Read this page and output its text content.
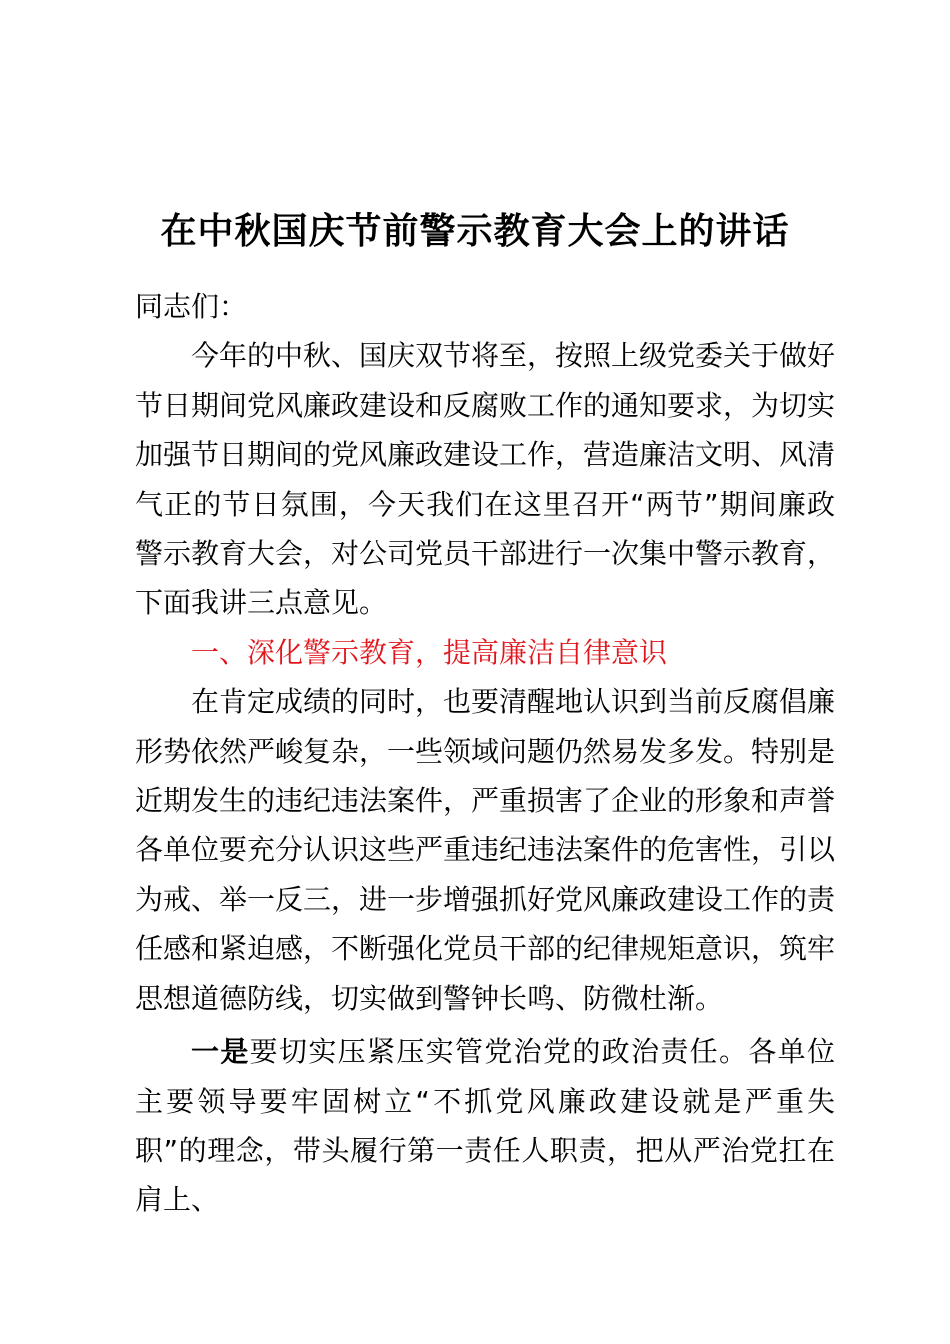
在中秋国庆节前警示教育大会上的讲话

同志们：

今年的中秋、国庆双节将至，按照上级党委关于做好节日期间党风廉政建设和反腐败工作的通知要求，为切实加强节日期间的党风廉政建设工作，营造廉洁文明、风清气正的节日氛围，今天我们在这里召开“两节”期间廉政警示教育大会，对公司党员干部进行一次集中警示教育，下面我讲三点意见。

一、深化警示教育，提高廉洁自律意识

在肯定成绩的同时，也要清醒地认识到当前反腐倡廉形势依然严峻复杂，一些领域问题仍然易发多发。特别是近期发生的违纪违法案件，严重损害了企业的形象和声誉各单位要充分认识这些严重违纪违法案件的危害性，引以为戒、举一反三，进一步增强抓好党风廉政建设工作的责任感和紧迫感，不断强化党员干部的纪律规矩意识，筑牢思想道德防线，切实做到警钟长鸣、防微杜渐。

一是要切实压紧压实管党治党的政治责任。各单位主要领导要牢固树立“不抓党风廉政建设就是严重失职”的理念，带头履行第一责任人职责，把从严治党扛在肩上、
